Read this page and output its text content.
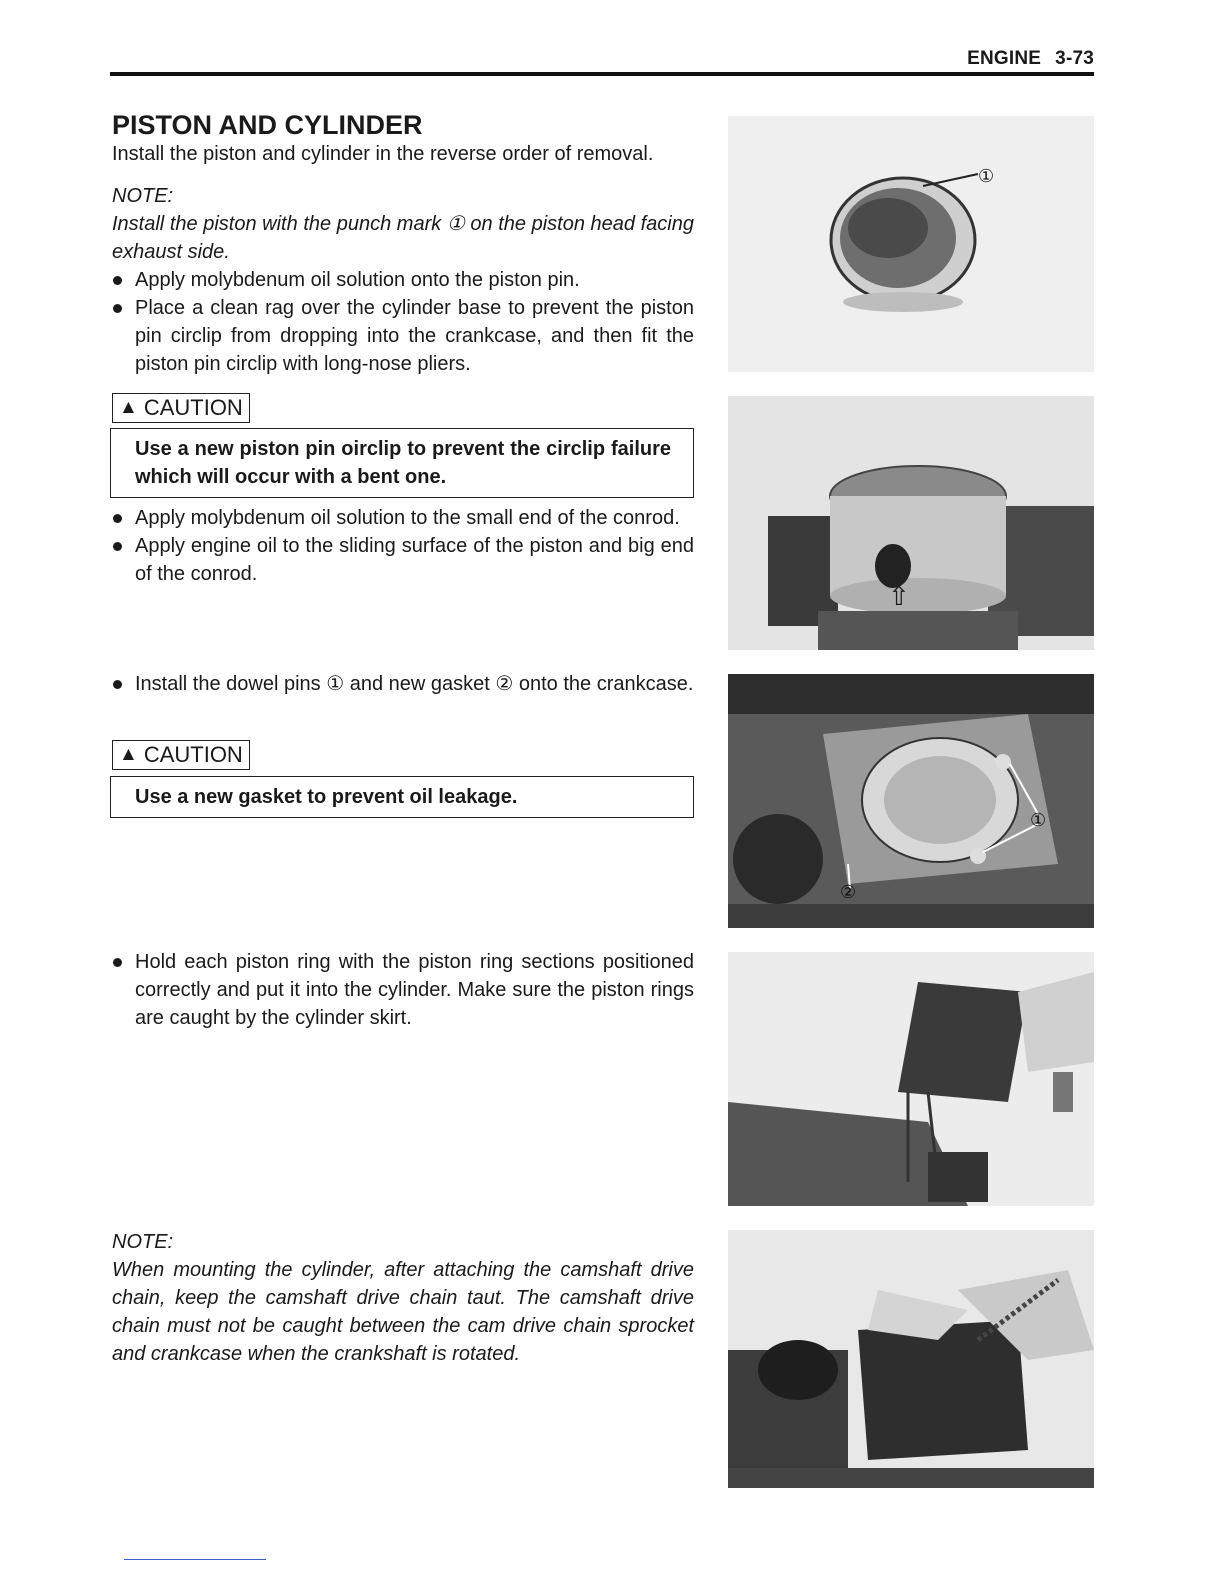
ENGINE 3-73
PISTON AND CYLINDER
Install the piston and cylinder in the reverse order of removal.
NOTE:
Install the piston with the punch mark ① on the piston head facing exhaust side.
Apply molybdenum oil solution onto the piston pin.
Place a clean rag over the cylinder base to prevent the piston pin circlip from dropping into the crankcase, and then fit the piston pin circlip with long-nose pliers.
▲ CAUTION
Use a new piston pin oirclip to prevent the circlip failure which will occur with a bent one.
Apply molybdenum oil solution to the small end of the conrod.
Apply engine oil to the sliding surface of the piston and big end of the conrod.
Install the dowel pins ① and new gasket ② onto the crankcase.
▲ CAUTION
Use a new gasket to prevent oil leakage.
Hold each piston ring with the piston ring sections positioned correctly and put it into the cylinder. Make sure the piston rings are caught by the cylinder skirt.
NOTE:
When mounting the cylinder, after attaching the camshaft drive chain, keep the camshaft drive chain taut. The camshaft drive chain must not be caught between the cam drive chain sprocket and crankcase when the crankshaft is rotated.
①
⇧
①
②
